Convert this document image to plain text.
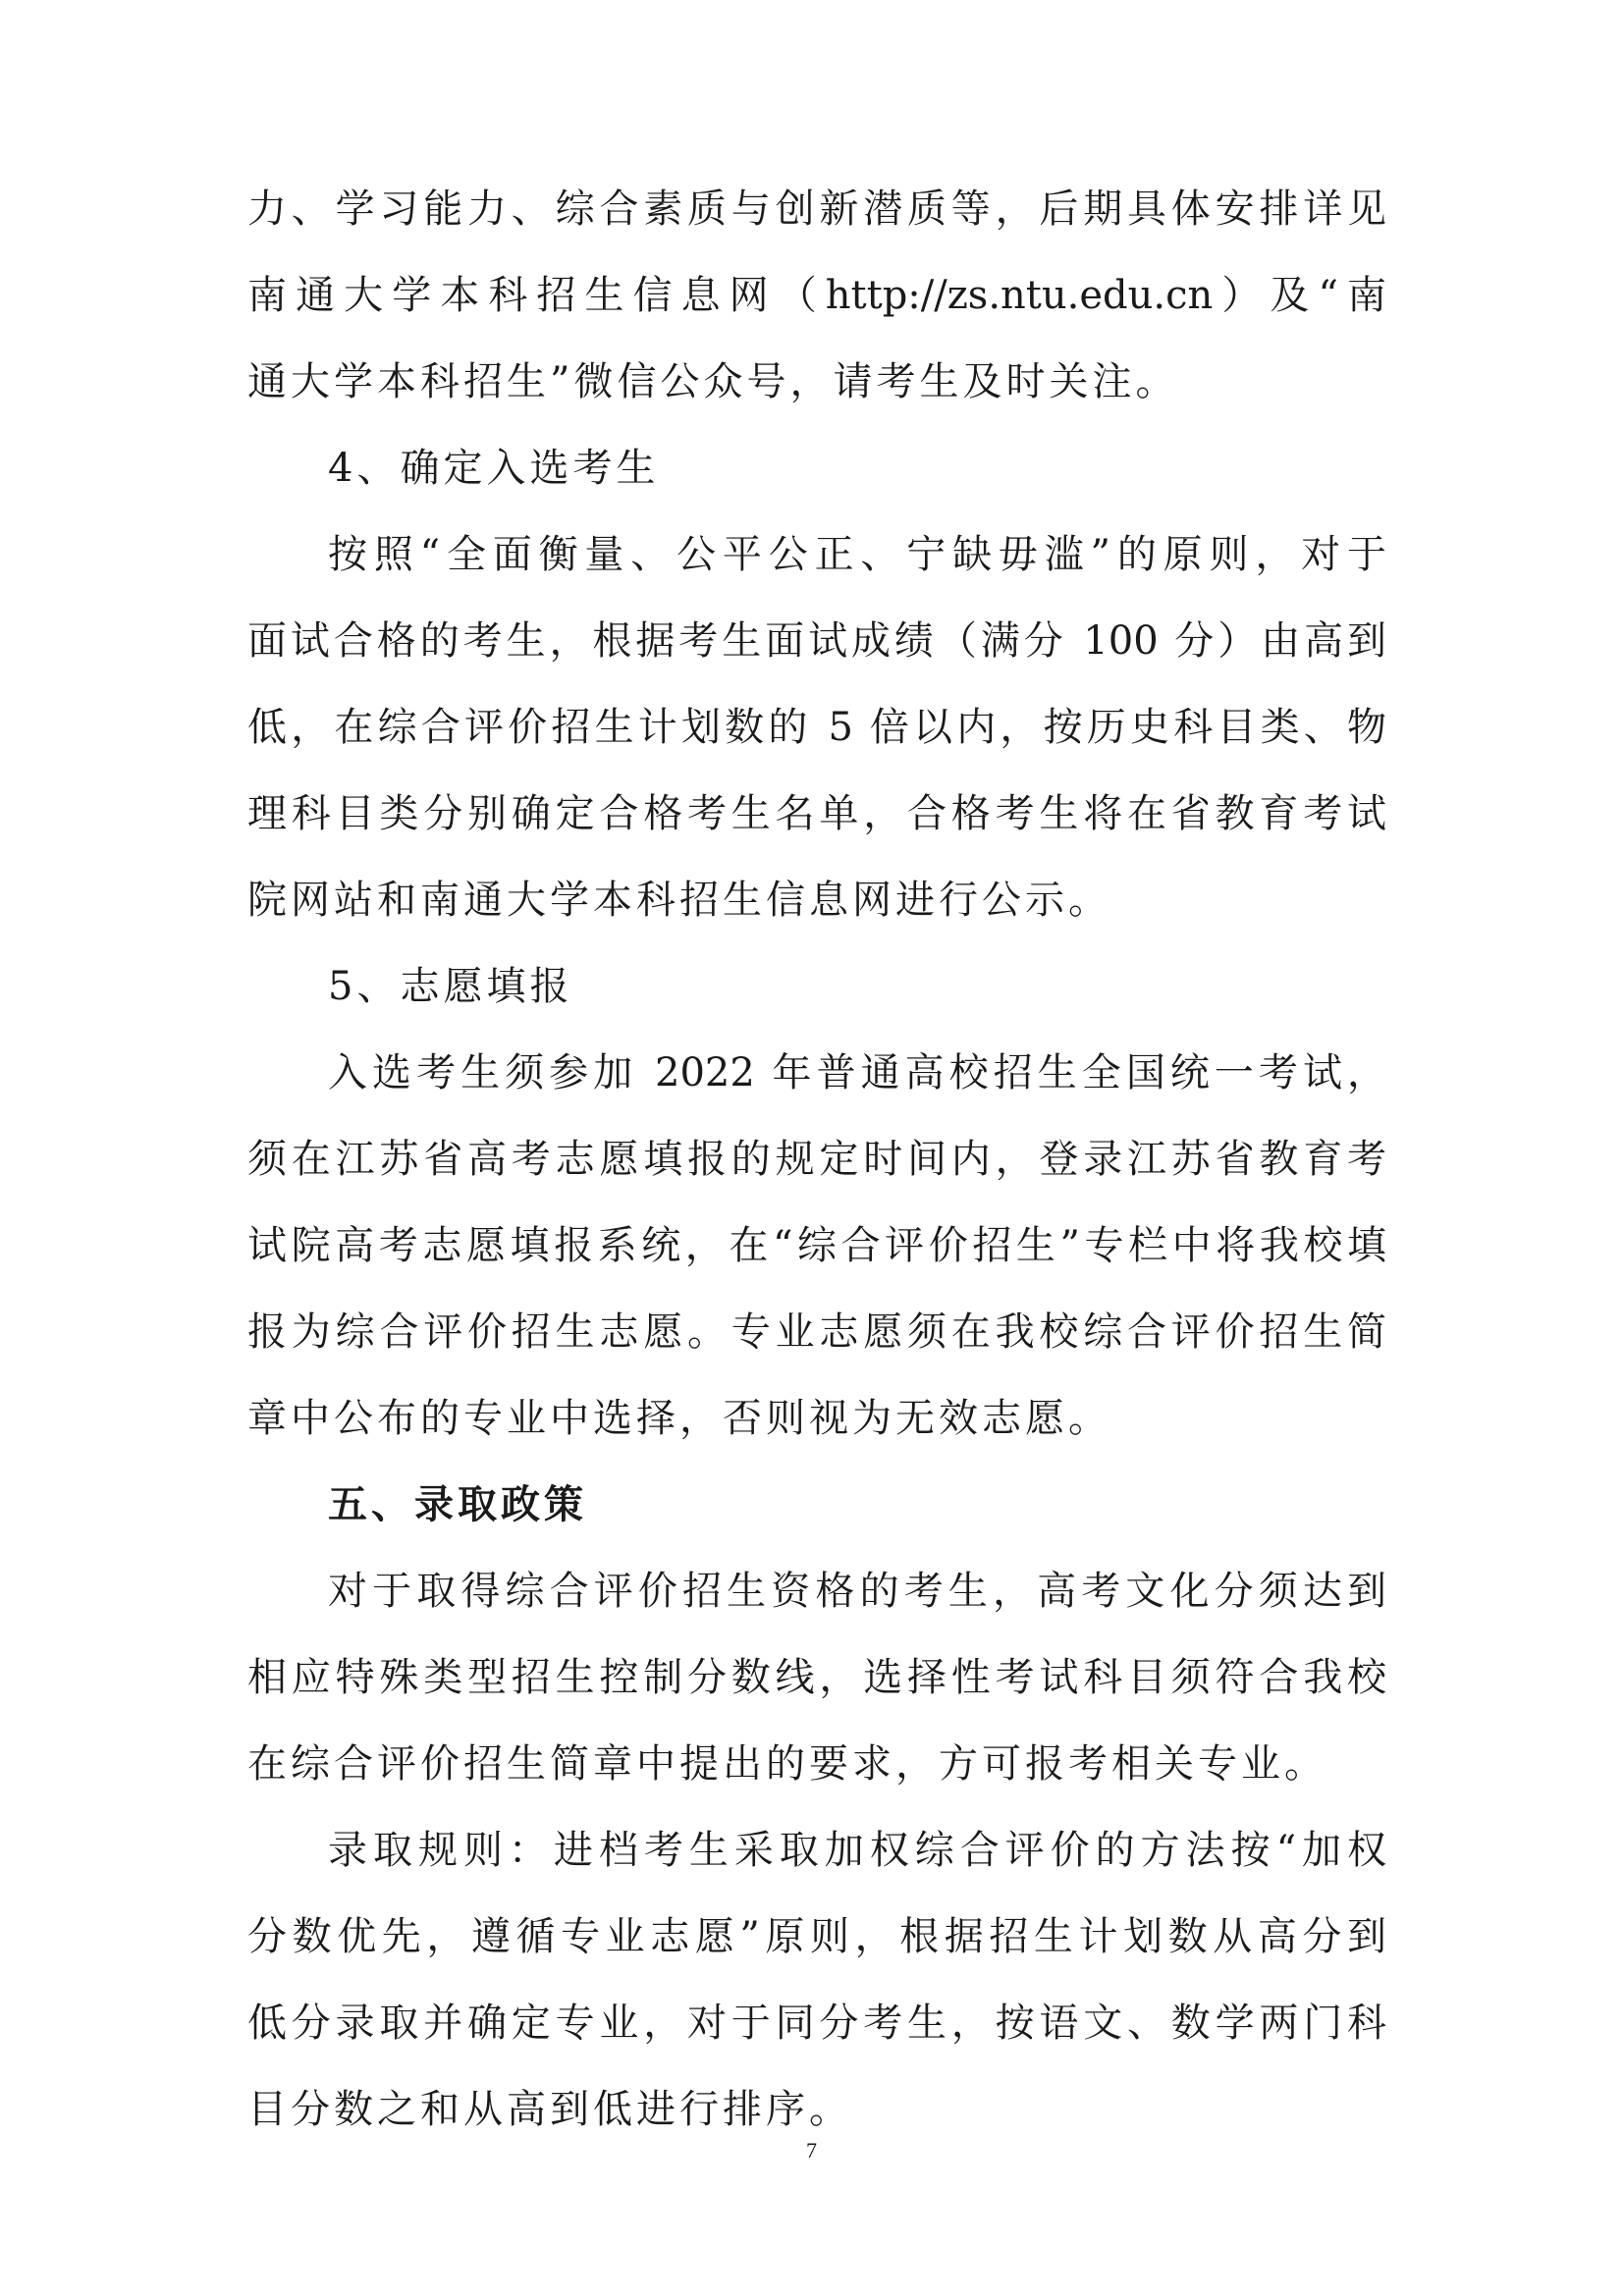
力、学习能力、综合素质与创新潜质等，后期具体安排详见
南通大学本科招生信息网（http://zs.ntu.edu.cn）及“南
通大学本科招生”微信公众号，请考生及时关注。
4、确定入选考生
按照“全面衡量、公平公正、宁缺毋滥”的原则，对于
面试合格的考生，根据考生面试成绩（满分 100 分）由高到
低，在综合评价招生计划数的 5 倍以内，按历史科目类、物
理科目类分别确定合格考生名单，合格考生将在省教育考试
院网站和南通大学本科招生信息网进行公示。
5、志愿填报
入选考生须参加 2022 年普通高校招生全国统一考试，
须在江苏省高考志愿填报的规定时间内，登录江苏省教育考
试院高考志愿填报系统，在“综合评价招生”专栏中将我校填
报为综合评价招生志愿。专业志愿须在我校综合评价招生简
章中公布的专业中选择，否则视为无效志愿。
五、录取政策
对于取得综合评价招生资格的考生，高考文化分须达到
相应特殊类型招生控制分数线，选择性考试科目须符合我校
在综合评价招生简章中提出的要求，方可报考相关专业。
录取规则：进档考生采取加权综合评价的方法按“加权
分数优先，遵循专业志愿”原则，根据招生计划数从高分到
低分录取并确定专业，对于同分考生，按语文、数学两门科
目分数之和从高到低进行排序。
7
